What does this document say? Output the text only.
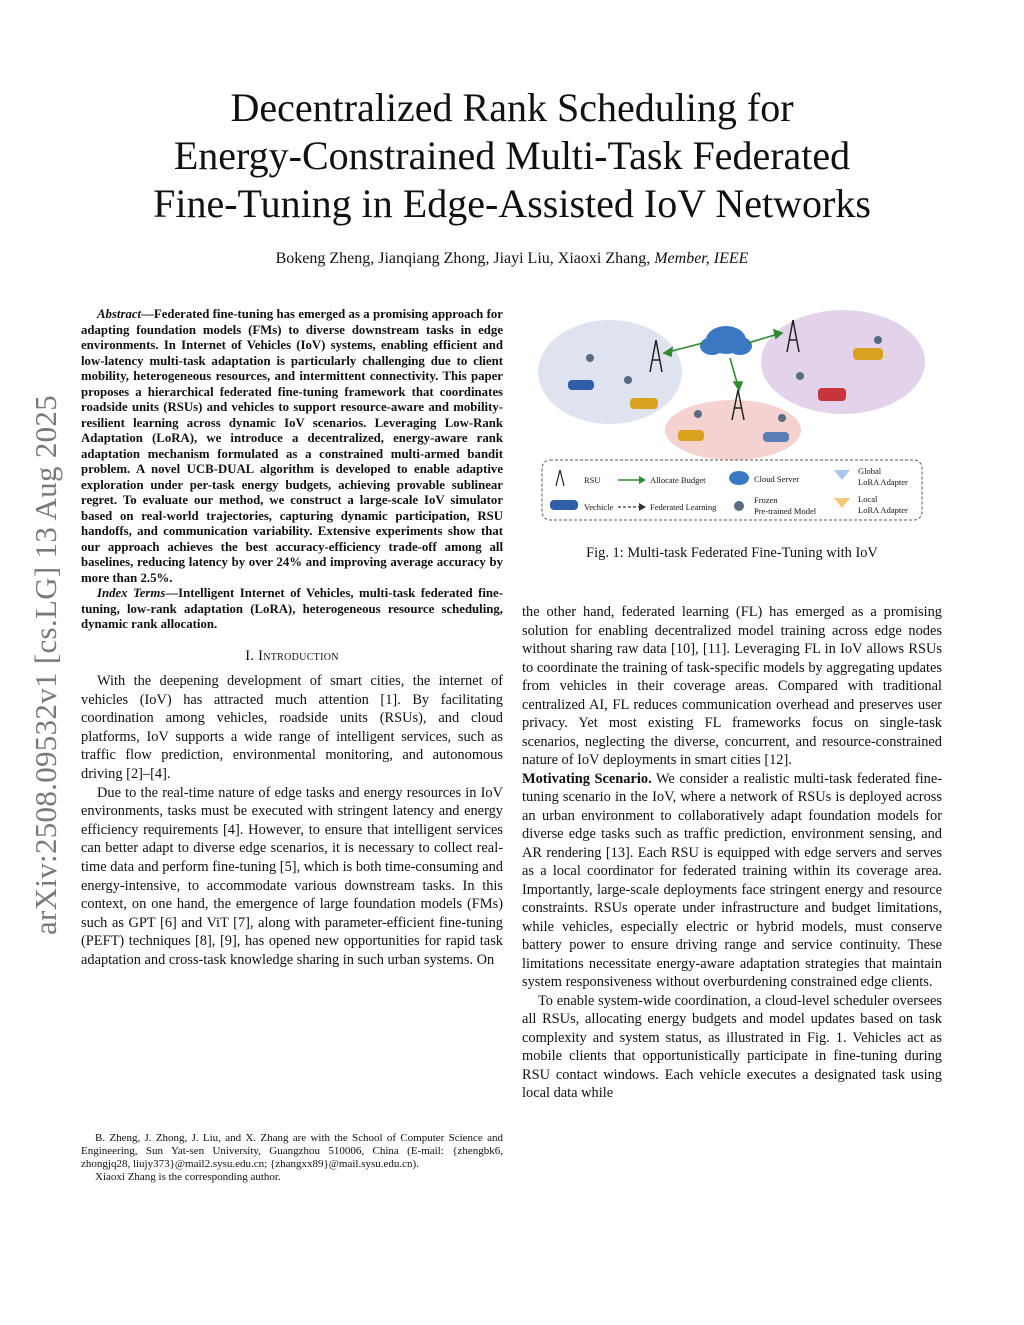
arXiv:2508.09532v1 [cs.LG] 13 Aug 2025
Decentralized Rank Scheduling for
Energy-Constrained Multi-Task Federated
Fine-Tuning in Edge-Assisted IoV Networks
Bokeng Zheng, Jianqiang Zhong, Jiayi Liu, Xiaoxi Zhang, Member, IEEE

Abstract—Federated fine-tuning has emerged as a promising approach for adapting foundation models (FMs) to diverse downstream tasks in edge environments. In Internet of Vehicles (IoV) systems, enabling efficient and low-latency multi-task adaptation is particularly challenging due to client mobility, heterogeneous resources, and intermittent connectivity. This paper proposes a hierarchical federated fine-tuning framework that coordinates roadside units (RSUs) and vehicles to support resource-aware and mobility-resilient learning across dynamic IoV scenarios. Leveraging Low-Rank Adaptation (LoRA), we introduce a decentralized, energy-aware rank adaptation mechanism formulated as a constrained multi-armed bandit problem. A novel UCB-DUAL algorithm is developed to enable adaptive exploration under per-task energy budgets, achieving provable sublinear regret. To evaluate our method, we construct a large-scale IoV simulator based on real-world trajectories, capturing dynamic participation, RSU handoffs, and communication variability. Extensive experiments show that our approach achieves the best accuracy-efficiency trade-off among all baselines, reducing latency by over 24% and improving average accuracy by more than 2.5%.

Index Terms—Intelligent Internet of Vehicles, multi-task federated fine-tuning, low-rank adaptation (LoRA), heterogeneous resource scheduling, dynamic rank allocation.

I. Introduction

With the deepening development of smart cities, the internet of vehicles (IoV) has attracted much attention [1]. By facilitating coordination among vehicles, roadside units (RSUs), and cloud platforms, IoV supports a wide range of intelligent services, such as traffic flow prediction, environmental monitoring, and autonomous driving [2]–[4].

Due to the real-time nature of edge tasks and energy resources in IoV environments, tasks must be executed with stringent latency and energy efficiency requirements [4]. However, to ensure that intelligent services can better adapt to diverse edge scenarios, it is necessary to collect real-time data and perform fine-tuning [5], which is both time-consuming and energy-intensive, to accommodate various downstream tasks. In this context, on one hand, the emergence of large foundation models (FMs) such as GPT [6] and ViT [7], along with parameter-efficient fine-tuning (PEFT) techniques [8], [9], has opened new opportunities for rapid task adaptation and cross-task knowledge sharing in such urban systems. On

B. Zheng, J. Zhong, J. Liu, and X. Zhang are with the School of Computer Science and Engineering, Sun Yat-sen University, Guangzhou 510006, China (E-mail: {zhengbk6, zhongjq28, liujy373}@mail2.sysu.edu.cn; {zhangxx89}@mail.sysu.edu.cn).

Xiaoxi Zhang is the corresponding author.

RSU
Vechicle
Allocate Budget
Federated Learning
Cloud Server
Frozen
Pre-trained Model
Global
LoRA Adapter
Local
LoRA Adapter
Fig. 1: Multi-task Federated Fine-Tuning with IoV

the other hand, federated learning (FL) has emerged as a promising solution for enabling decentralized model training across edge nodes without sharing raw data [10], [11]. Leveraging FL in IoV allows RSUs to coordinate the training of task-specific models by aggregating updates from vehicles in their coverage areas. Compared with traditional centralized AI, FL reduces communication overhead and preserves user privacy. Yet most existing FL frameworks focus on single-task scenarios, neglecting the diverse, concurrent, and resource-constrained nature of IoV deployments in smart cities [12].

Motivating Scenario. We consider a realistic multi-task federated fine-tuning scenario in the IoV, where a network of RSUs is deployed across an urban environment to collaboratively adapt foundation models for diverse edge tasks such as traffic prediction, environment sensing, and AR rendering [13]. Each RSU is equipped with edge servers and serves as a local coordinator for federated training within its coverage area. Importantly, large-scale deployments face stringent energy and resource constraints. RSUs operate under infrastructure and budget limitations, while vehicles, especially electric or hybrid models, must conserve battery power to ensure driving range and service continuity. These limitations necessitate energy-aware adaptation strategies that maintain system responsiveness without overburdening constrained edge clients.

To enable system-wide coordination, a cloud-level scheduler oversees all RSUs, allocating energy budgets and model updates based on task complexity and system status, as illustrated in Fig. 1. Vehicles act as mobile clients that opportunistically participate in fine-tuning during RSU contact windows. Each vehicle executes a designated task using local data while
